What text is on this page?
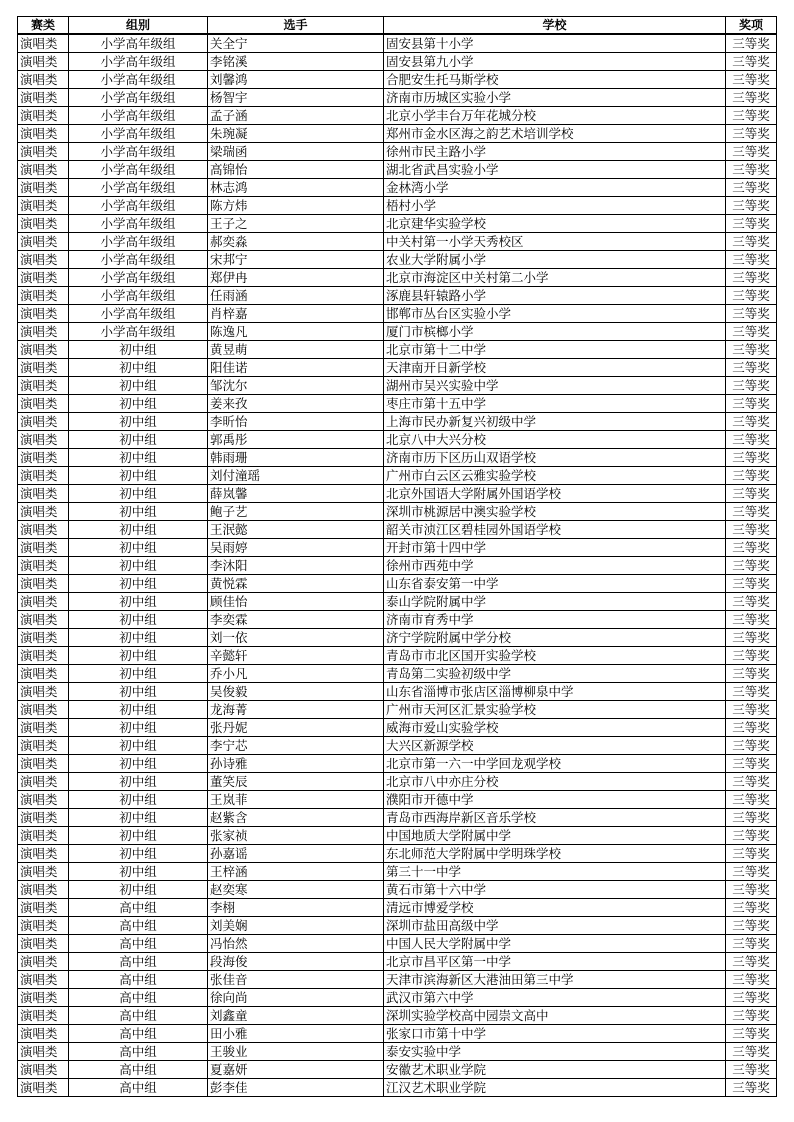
赛类	组别	选手	学校	奖项
演唱类	小学高年级组	关全宁	固安县第十小学	三等奖
演唱类	小学高年级组	李铭溪	固安县第九小学	三等奖
演唱类	小学高年级组	刘馨鸿	合肥安生托马斯学校	三等奖
演唱类	小学高年级组	杨智宇	济南市历城区实验小学	三等奖
演唱类	小学高年级组	孟子涵	北京小学丰台万年花城分校	三等奖
演唱类	小学高年级组	朱琬凝	郑州市金水区海之韵艺术培训学校	三等奖
演唱类	小学高年级组	梁瑞函	徐州市民主路小学	三等奖
演唱类	小学高年级组	高锦怡	湖北省武昌实验小学	三等奖
演唱类	小学高年级组	林志鸿	金林湾小学	三等奖
演唱类	小学高年级组	陈方炜	梧村小学	三等奖
演唱类	小学高年级组	王子之	北京建华实验学校	三等奖
演唱类	小学高年级组	郝奕淼	中关村第一小学天秀校区	三等奖
演唱类	小学高年级组	宋邦宁	农业大学附属小学	三等奖
演唱类	小学高年级组	郑伊冉	北京市海淀区中关村第二小学	三等奖
演唱类	小学高年级组	任雨涵	涿鹿县轩辕路小学	三等奖
演唱类	小学高年级组	肖梓嘉	邯郸市丛台区实验小学	三等奖
演唱类	小学高年级组	陈逸凡	厦门市槟榔小学	三等奖
演唱类	初中组	黄昱萌	北京市第十二中学	三等奖
演唱类	初中组	阳佳诺	天津南开日新学校	三等奖
演唱类	初中组	邹沈尔	湖州市吴兴实验中学	三等奖
演唱类	初中组	姜来孜	枣庄市第十五中学	三等奖
演唱类	初中组	李昕怡	上海市民办新复兴初级中学	三等奖
演唱类	初中组	郭禹彤	北京八中大兴分校	三等奖
演唱类	初中组	韩雨珊	济南市历下区历山双语学校	三等奖
演唱类	初中组	刘付潼瑶	广州市白云区云雅实验学校	三等奖
演唱类	初中组	薛岚馨	北京外国语大学附属外国语学校	三等奖
演唱类	初中组	鲍子艺	深圳市桃源居中澳实验学校	三等奖
演唱类	初中组	王泯懿	韶关市浈江区碧桂园外国语学校	三等奖
演唱类	初中组	吴雨婷	开封市第十四中学	三等奖
演唱类	初中组	李沐阳	徐州市西苑中学	三等奖
演唱类	初中组	黄悦霖	山东省泰安第一中学	三等奖
演唱类	初中组	顾佳怡	泰山学院附属中学	三等奖
演唱类	初中组	李奕霖	济南市育秀中学	三等奖
演唱类	初中组	刘一依	济宁学院附属中学分校	三等奖
演唱类	初中组	辛懿轩	青岛市市北区国开实验学校	三等奖
演唱类	初中组	乔小凡	青岛第二实验初级中学	三等奖
演唱类	初中组	吴俊毅	山东省淄博市张店区淄博柳泉中学	三等奖
演唱类	初中组	龙海菁	广州市天河区汇景实验学校	三等奖
演唱类	初中组	张丹妮	威海市爱山实验学校	三等奖
演唱类	初中组	李宁芯	大兴区新源学校	三等奖
演唱类	初中组	孙诗雅	北京市第一六一中学回龙观学校	三等奖
演唱类	初中组	董笑辰	北京市八中亦庄分校	三等奖
演唱类	初中组	王岚菲	濮阳市开德中学	三等奖
演唱类	初中组	赵紫含	青岛市西海岸新区音乐学校	三等奖
演唱类	初中组	张家祯	中国地质大学附属中学	三等奖
演唱类	初中组	孙嘉谣	东北师范大学附属中学明珠学校	三等奖
演唱类	初中组	王梓涵	第三十一中学	三等奖
演唱类	初中组	赵奕寒	黄石市第十六中学	三等奖
演唱类	高中组	李栩	清远市博爱学校	三等奖
演唱类	高中组	刘美娴	深圳市盐田高级中学	三等奖
演唱类	高中组	冯怡然	中国人民大学附属中学	三等奖
演唱类	高中组	段海俊	北京市昌平区第一中学	三等奖
演唱类	高中组	张佳音	天津市滨海新区大港油田第三中学	三等奖
演唱类	高中组	徐向尚	武汉市第六中学	三等奖
演唱类	高中组	刘鑫童	深圳实验学校高中园崇文高中	三等奖
演唱类	高中组	田小雅	张家口市第十中学	三等奖
演唱类	高中组	王骏业	泰安实验中学	三等奖
演唱类	高中组	夏嘉妍	安徽艺术职业学院	三等奖
演唱类	高中组	彭李佳	江汉艺术职业学院	三等奖
